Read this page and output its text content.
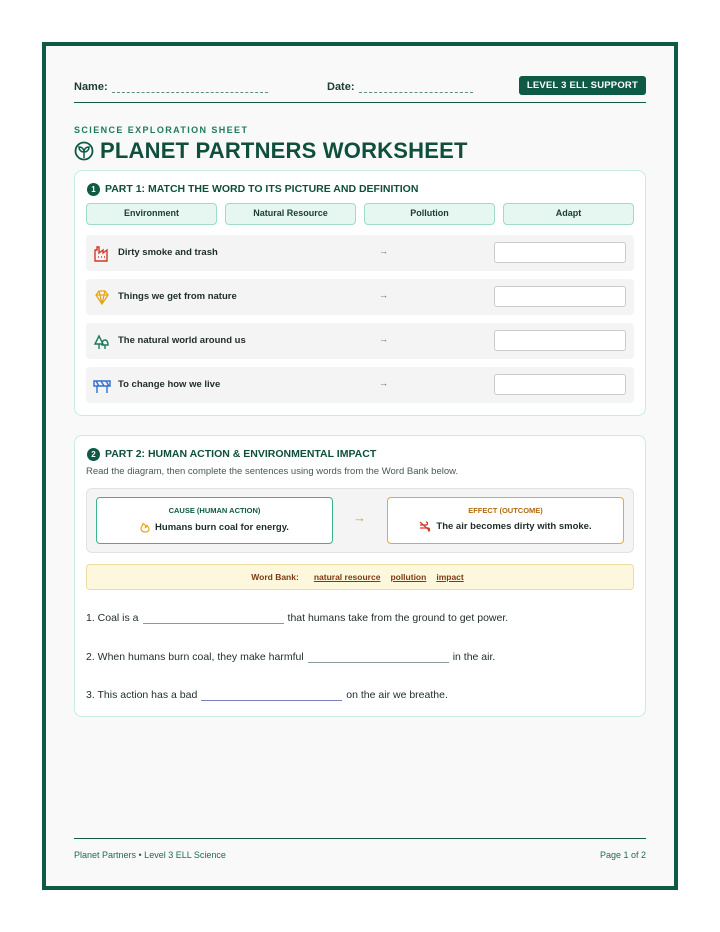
Name:	Date:	LEVEL 3 ELL SUPPORT
SCIENCE EXPLORATION SHEET
PLANET PARTNERS WORKSHEET
1 PART 1: MATCH THE WORD TO ITS PICTURE AND DEFINITION
Environment	Natural Resource	Pollution	Adapt
Dirty smoke and trash	→
Things we get from nature	→
The natural world around us	→
To change how we live	→
2 PART 2: HUMAN ACTION & ENVIRONMENTAL IMPACT
Read the diagram, then complete the sentences using words from the Word Bank below.
CAUSE (HUMAN ACTION)
Humans burn coal for energy.
→	EFFECT (OUTCOME)
The air becomes dirty with smoke.
Word Bank: natural resource pollution impact
1. Coal is a	that humans take from the ground to get power.
2. When humans burn coal, they make harmful	in the air.
3. This action has a bad	on the air we breathe.
Planet Partners • Level 3 ELL Science	Page 1 of 2
